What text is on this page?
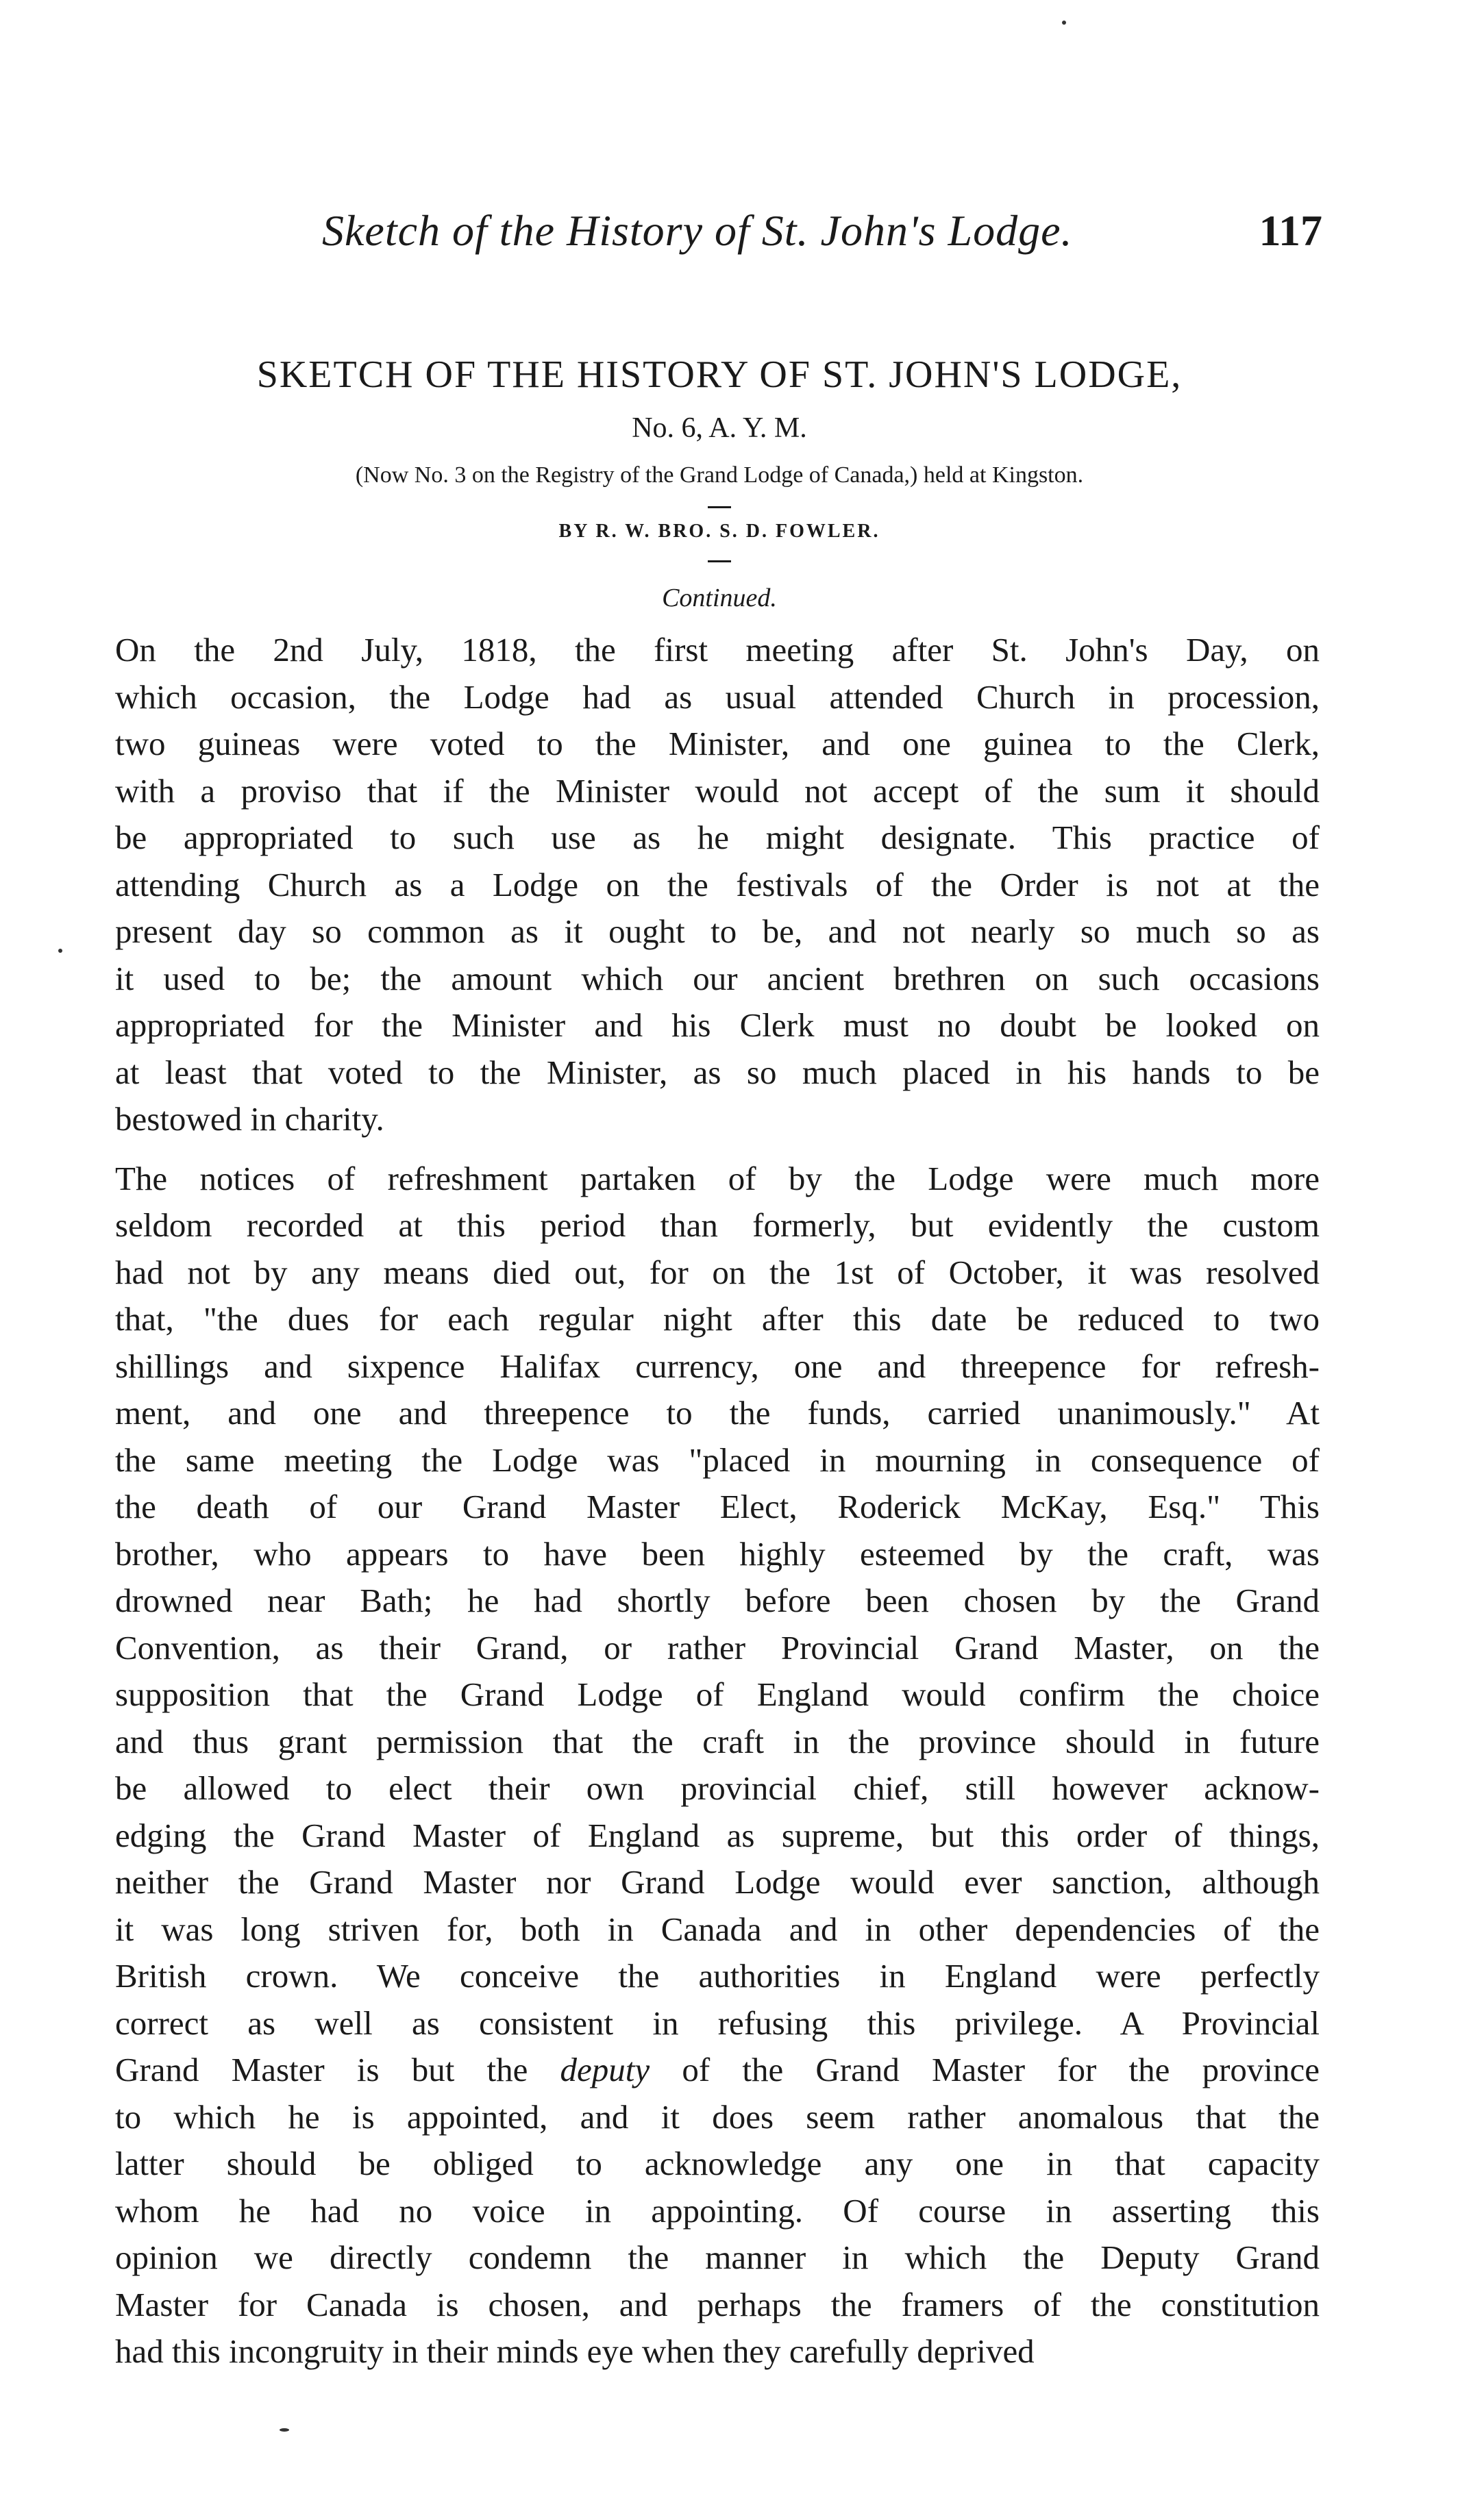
Sketch of the History of St. John's Lodge.	117
SKETCH OF THE HISTORY OF ST. JOHN'S LODGE,
No. 6, A. Y. M.
(Now No. 3 on the Registry of the Grand Lodge of Canada,) held at Kingston.
BY R. W. BRO. S. D. FOWLER.
Continued.
On the 2nd July, 1818, the first meeting after St. John's Day, on
which occasion, the Lodge had as usual attended Church in procession,
two guineas were voted to the Minister, and one guinea to the Clerk,
with a proviso that if the Minister would not accept of the sum it should
be appropriated to such use as he might designate. This practice of
attending Church as a Lodge on the festivals of the Order is not at the
present day so common as it ought to be, and not nearly so much so as
it used to be; the amount which our ancient brethren on such occasions
appropriated for the Minister and his Clerk must no doubt be looked on
at least that voted to the Minister, as so much placed in his hands to be
bestowed in charity.
The notices of refreshment partaken of by the Lodge were much more
seldom recorded at this period than formerly, but evidently the custom
had not by any means died out, for on the 1st of October, it was resolved
that, "the dues for each regular night after this date be reduced to two
shillings and sixpence Halifax currency, one and threepence for refresh-
ment, and one and threepence to the funds, carried unanimously." At
the same meeting the Lodge was "placed in mourning in consequence of
the death of our Grand Master Elect, Roderick McKay, Esq." This
brother, who appears to have been highly esteemed by the craft, was
drowned near Bath; he had shortly before been chosen by the Grand
Convention, as their Grand, or rather Provincial Grand Master, on the
supposition that the Grand Lodge of England would confirm the choice
and thus grant permission that the craft in the province should in future
be allowed to elect their own provincial chief, still however acknow-
edging the Grand Master of England as supreme, but this order of things,
neither the Grand Master nor Grand Lodge would ever sanction, although
it was long striven for, both in Canada and in other dependencies of the
British crown. We conceive the authorities in England were perfectly
correct as well as consistent in refusing this privilege. A Provincial
Grand Master is but the deputy of the Grand Master for the province
to which he is appointed, and it does seem rather anomalous that the
latter should be obliged to acknowledge any one in that capacity
whom he had no voice in appointing. Of course in asserting this
opinion we directly condemn the manner in which the Deputy Grand
Master for Canada is chosen, and perhaps the framers of the constitution
had this incongruity in their minds eye when they carefully deprived
